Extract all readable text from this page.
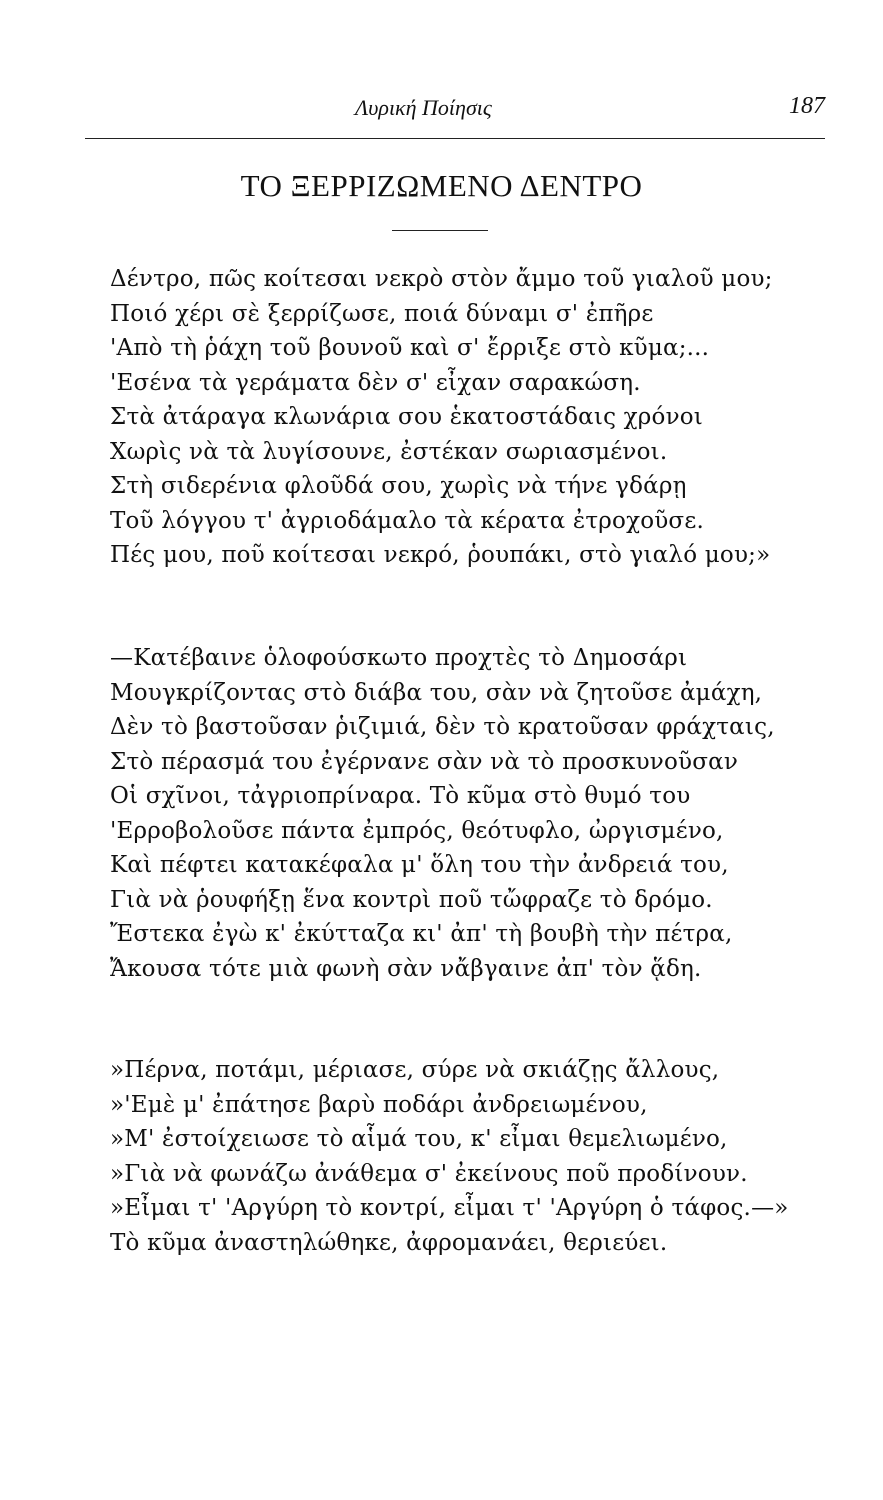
Λυρική Ποίησις	187
ΤΟ ΞΕΡΡΙΖΩΜΕΝΟ ΔΕΝΤΡΟ
Δέντρο, πῶς κοίτεσαι νεκρὸ στὸν ἄμμο τοῦ γιαλοῦ μου;
Ποιό χέρι σὲ ξερρίζωσε, ποιά δύναμι σ' ἐπῆρε
'Απὸ τὴ ῥάχη τοῦ βουνοῦ καὶ σ' ἔρριξε στὸ κῦμα;...
'Εσένα τὰ γεράματα δὲν σ' εἶχαν σαρακώση.
Στὰ ἀτάραγα κλωνάρια σου ἑκατοστάδαις χρόνοι
Χωρὶς νὰ τὰ λυγίσουνε, ἐστέκαν σωριασμένοι.
Στὴ σιδερένια φλοῦδά σου, χωρὶς νὰ τήνε γδάρῃ
Τοῦ λόγγου τ' ἀγριοδάμαλο τὰ κέρατα ἐτροχοῦσε.
Πές μου, ποῦ κοίτεσαι νεκρό, ῥουπάκι, στὸ γιαλό μου;»
—Κατέβαινε ὁλοφούσκωτο προχτὲς τὸ Δημοσάρι
Μουγκρίζοντας στὸ διάβα του, σὰν νὰ ζητοῦσε ἀμάχη,
Δὲν τὸ βαστοῦσαν ῥιζιμιά, δὲν τὸ κρατοῦσαν φράχταις,
Στὸ πέρασμά του ἐγέρνανε σὰν νὰ τὸ προσκυνοῦσαν
Οἱ σχῖνοι, τἀγριοπρίναρα. Τὸ κῦμα στὸ θυμό του
'Ερροβολοῦσε πάντα ἐμπρός, θεότυφλο, ὠργισμένο,
Καὶ πέφτει κατακέφαλα μ' ὅλη του τὴν ἀνδρειά του,
Γιὰ νὰ ῥουφήξῃ ἕνα κοντρὶ ποῦ τὤφραζε τὸ δρόμο.
Ἔστεκα ἐγὼ κ' ἐκύτταζα κι' ἀπ' τὴ βουβὴ τὴν πέτρα,
Ἄκουσα τότε μιὰ φωνὴ σὰν νἄβγαινε ἀπ' τὸν ᾅδη.
»Πέρνα, ποτάμι, μέριασε, σύρε νὰ σκιάζῃς ἄλλους,
»'Εμὲ μ' ἐπάτησε βαρὺ ποδάρι ἀνδρειωμένου,
»Μ' ἐστοίχειωσε τὸ αἷμά του, κ' εἶμαι θεμελιωμένο,
»Γιὰ νὰ φωνάζω ἀνάθεμα σ' ἐκείνους ποῦ προδίνουν.
»Εἶμαι τ' 'Αργύρη τὸ κοντρί, εἶμαι τ' 'Αργύρη ὁ τάφος.—»
Τὸ κῦμα ἀναστηλώθηκε, ἀφρομανάει, θεριεύει.
